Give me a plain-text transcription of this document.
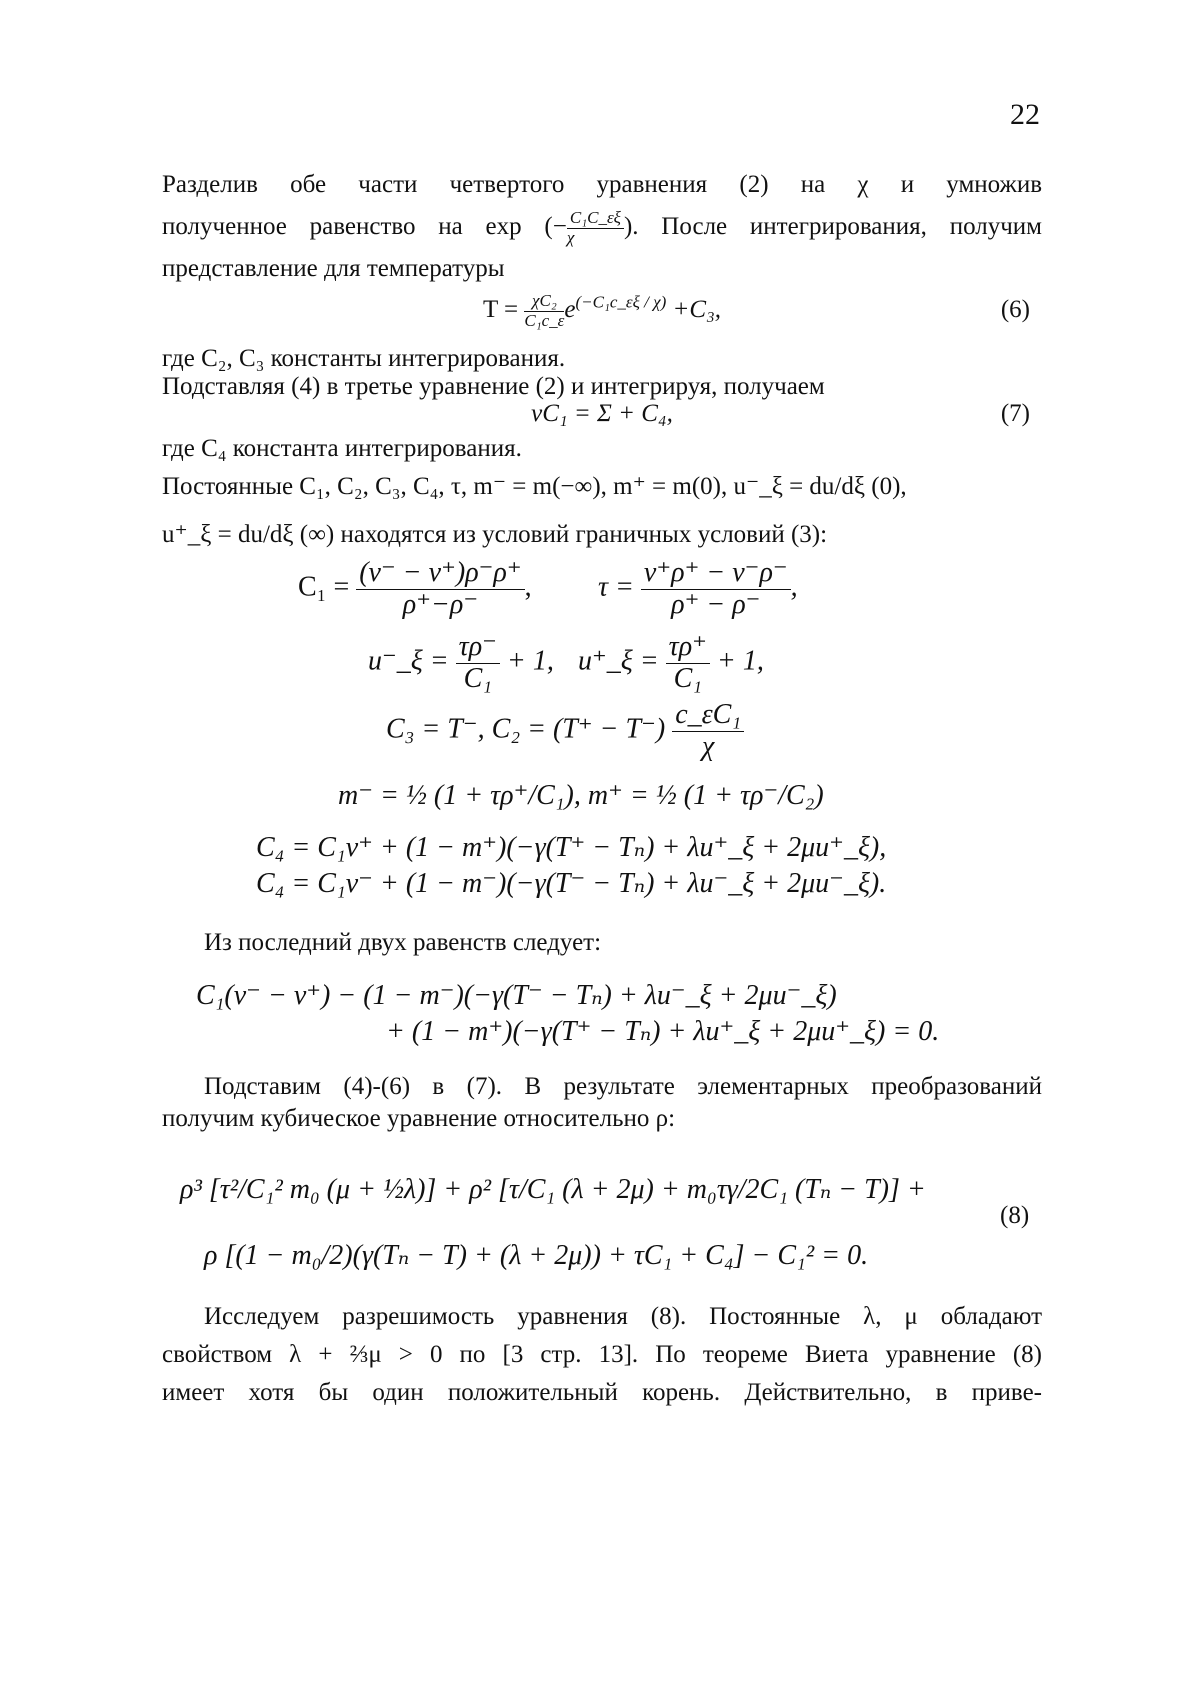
22
Разделив обе части четвертого уравнения (2) на χ и умножив
полученное равенство на exp (− $\frac{\text{C₁C\_εξ}}{\chi}$ ). После интегрирования, получим
представление для температуры
$T = \frac{\text{χC₂}}{\text{C₁c\_ε}} e^{(-C_1c\_\varepsilon\xi / \chi)} +C_3$,	(6)
где C₂, C₃ константы интегрирования.
Подставляя (4) в третье уравнение (2) и интегрируя, получаем
vC₁ = Σ + C₄,	(7)
где C₄ константа интегрирования.
Постоянные C₁, C₂, C₃, C₄, τ, m⁻ = m(−∞), m⁺ = m(0), u⁻_ξ = du/dξ (0),
u⁺_ξ = du/dξ (∞) находятся из условий граничных условий (3):
$C_1 = \frac{(v^- - v^+)\rho^-\rho^+}{\rho^+-\rho^-}$ , $\tau = \frac{v^+\rho^+ - v^-\rho^-}{\rho^+ - \rho^-}$ ,
u⁻_ξ = $\frac{\tau\rho^-}{\text{C₁}} + 1$, u⁺_ξ = $\frac{\tau\rho^+}{\text{C₁}} + 1$,
C₃ = T⁻, $C_2 = (T^+ - T^-) \frac{\text{c\_εC₁}}{\chi}$
m⁻ = ½ (1 + τρ⁺/C₁), m⁺ = ½ (1 + τρ⁻/C₂)
C₄ = C₁v⁺ + (1 − m⁺)(−γ(T⁺ − Tₙ) + λu⁺_ξ + 2μu⁺_ξ),
C₄ = C₁v⁻ + (1 − m⁻)(−γ(T⁻ − Tₙ) + λu⁻_ξ + 2μu⁻_ξ).
Из последний двух равенств следует:
C₁(v⁻ − v⁺) − (1 − m⁻)(−γ(T⁻ − Tₙ) + λu⁻_ξ + 2μu⁻_ξ)
+ (1 − m⁺)(−γ(T⁺ − Tₙ) + λu⁺_ξ + 2μu⁺_ξ) = 0.
Подставим (4)-(6) в (7). В результате элементарных преобразований
получим кубическое уравнение относительно ρ:
ρ³ [τ²/C₁² m₀ (μ + ½λ)] + ρ² [τ/C₁ (λ + 2μ) + m₀τγ/2C₁ (Tₙ − T)] +
ρ [(1 − m₀/2)(γ(Tₙ − T) + (λ + 2μ)) + τC₁ + C₄] − C₁² = 0.
(8)
Исследуем разрешимость уравнения (8). Постоянные λ, μ обладают
свойством λ + ⅔μ > 0 по [3 стр. 13]. По теореме Виета уравнение (8)
имеет хотя бы один положительный корень. Действительно, в приве-
